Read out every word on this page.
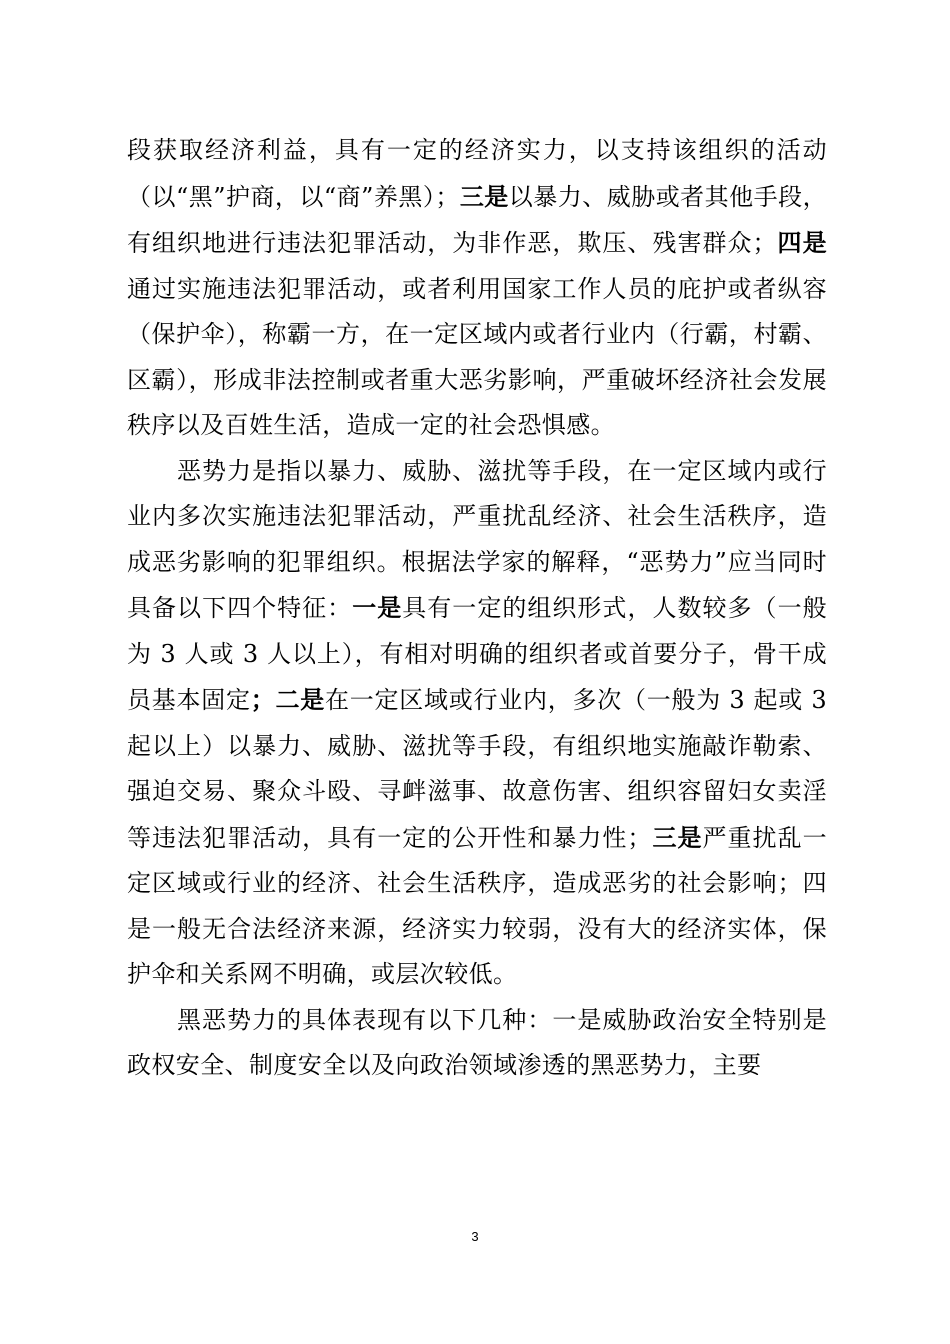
段获取经济利益，具有一定的经济实力，以支持该组织的活动（以“黑”护商，以“商”养黑）；三是以暴力、威胁或者其他手段，有组织地进行违法犯罪活动，为非作恶，欺压、残害群众；四是通过实施违法犯罪活动，或者利用国家工作人员的庇护或者纵容（保护伞），称霸一方，在一定区域内或者行业内（行霸，村霸、区霸），形成非法控制或者重大恶劣影响，严重破坏经济社会发展秩序以及百姓生活，造成一定的社会恐惧感。

恶势力是指以暴力、威胁、滋扰等手段，在一定区域内或行业内多次实施违法犯罪活动，严重扰乱经济、社会生活秩序，造成恶劣影响的犯罪组织。根据法学家的解释，“恶势力”应当同时具备以下四个特征：一是具有一定的组织形式，人数较多（一般为 3 人或 3 人以上），有相对明确的组织者或首要分子，骨干成员基本固定；二是在一定区域或行业内，多次（一般为 3 起或 3 起以上）以暴力、威胁、滋扰等手段，有组织地实施敲诈勒索、强迫交易、聚众斗殴、寻衅滋事、故意伤害、组织容留妇女卖淫等违法犯罪活动，具有一定的公开性和暴力性；三是严重扰乱一定区域或行业的经济、社会生活秩序，造成恶劣的社会影响；四是一般无合法经济来源，经济实力较弱，没有大的经济实体，保护伞和关系网不明确，或层次较低。

黑恶势力的具体表现有以下几种：一是威胁政治安全特别是政权安全、制度安全以及向政治领域渗透的黑恶势力，主要

3
